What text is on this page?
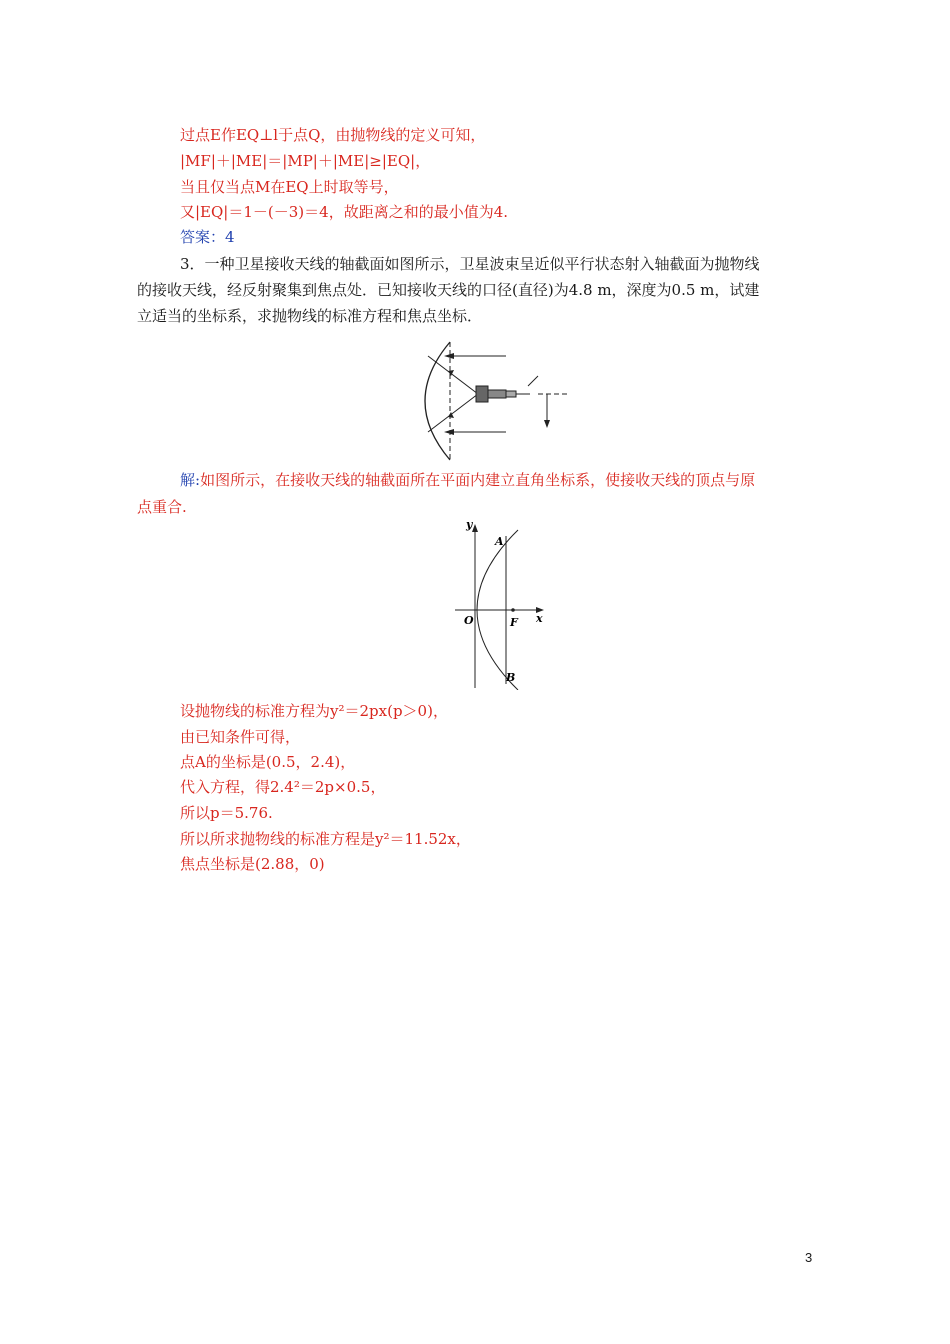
过点E作EQ⊥l于点Q，由抛物线的定义可知，
|MF|＋|ME|＝|MP|＋|ME|≥|EQ|，
当且仅当点M在EQ上时取等号，
又|EQ|＝1－(－3)＝4，故距离之和的最小值为4.
答案：4
3．一种卫星接收天线的轴截面如图所示，卫星波束呈近似平行状态射入轴截面为抛物线
的接收天线，经反射聚集到焦点处．已知接收天线的口径(直径)为4.8 m，深度为0.5 m，试建
立适当的坐标系，求抛物线的标准方程和焦点坐标．
解:如图所示，在接收天线的轴截面所在平面内建立直角坐标系，使接收天线的顶点与原
点重合.
y
x
O	F
A
B
设抛物线的标准方程为y²＝2px(p＞0)，
由已知条件可得，
点A的坐标是(0.5，2.4)，
代入方程，得2.4²＝2p×0.5，
所以p＝5.76.
所以所求抛物线的标准方程是y²＝11.52x，
焦点坐标是(2.88，0)
3
